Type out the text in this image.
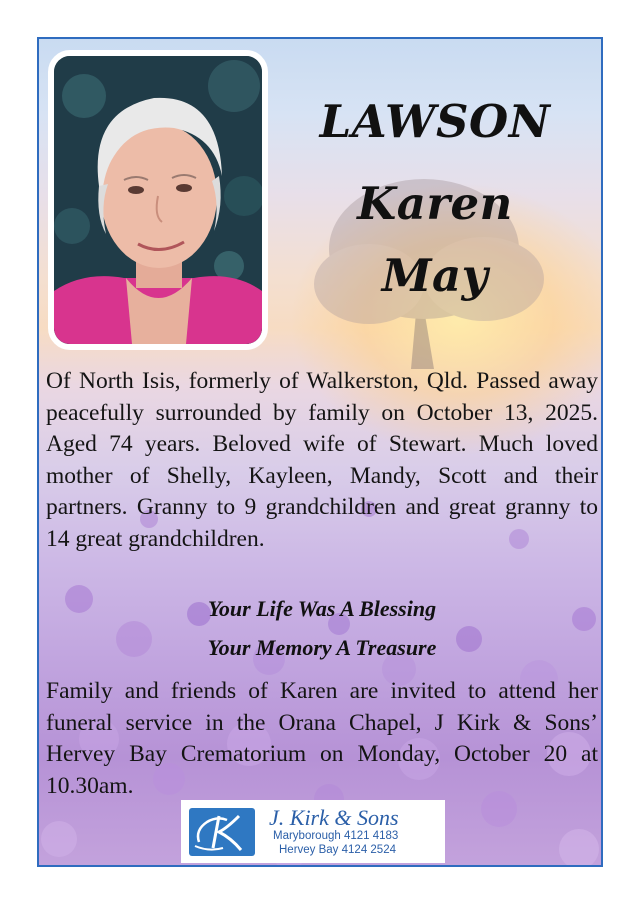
LAWSON
Karen
May

Of North Isis, formerly of Walkerston, Qld. Passed away peacefully surrounded by family on October 13, 2025. Aged 74 years. Beloved wife of Stewart. Much loved mother of Shelly, Kayleen, Mandy, Scott and their partners. Granny to 9 grandchildren and great granny to 14 great grandchildren.

Your Life Was A Blessing
Your Memory A Treasure

Family and friends of Karen are invited to attend her funeral service in the Orana Chapel, J Kirk & Sons’ Hervey Bay Crematorium on Monday, October 20 at 10.30am.

J. Kirk & Sons
Maryborough 4121 4183
Hervey Bay 4124 2524
